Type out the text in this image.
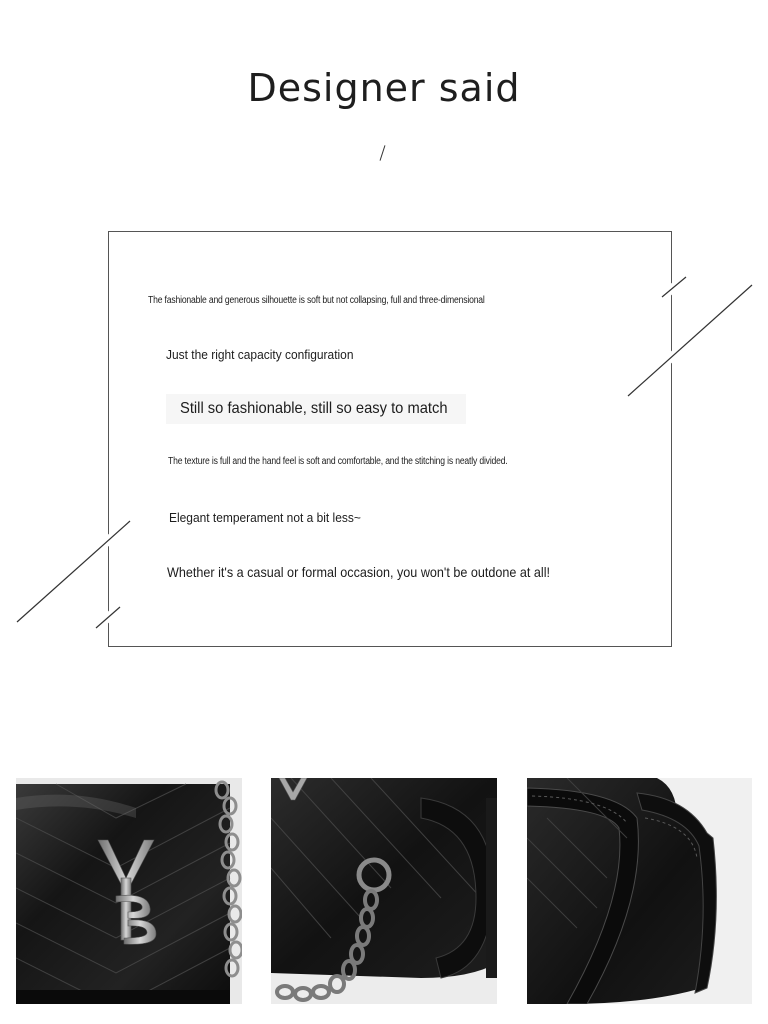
Designer said
The fashionable and generous silhouette is soft but not collapsing, full and three-dimensional
Just the right capacity configuration
Still so fashionable, still so easy to match
The texture is full and the hand feel is soft and comfortable, and the stitching is neatly divided.
Elegant temperament not a bit less~
Whether it's a casual or formal occasion, you won't be outdone at all!
